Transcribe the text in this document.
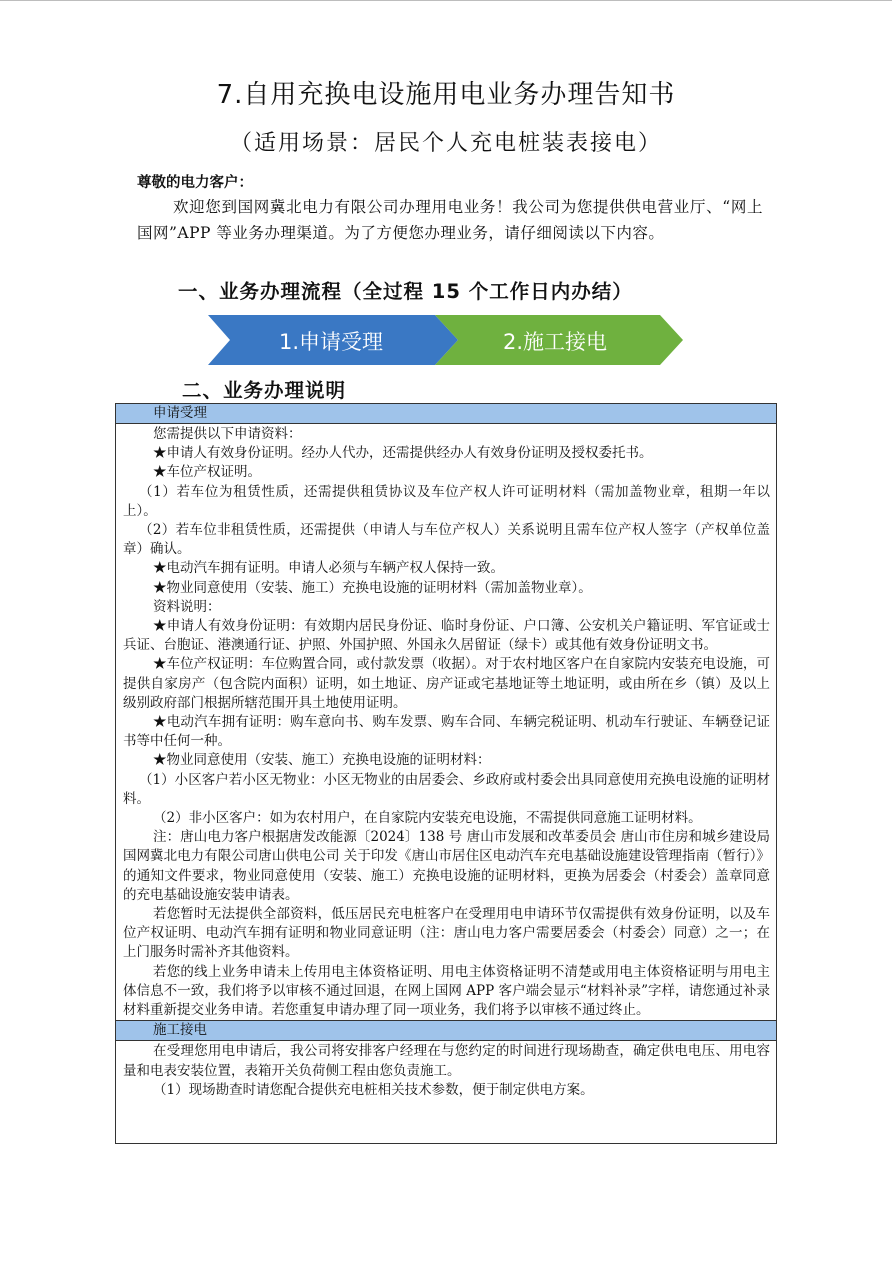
7.自用充换电设施用电业务办理告知书
（适用场景：居民个人充电桩装表接电）
尊敬的电力客户：
欢迎您到国网冀北电力有限公司办理用电业务！我公司为您提供供电营业厅、“网上国网”APP 等业务办理渠道。为了方便您办理业务，请仔细阅读以下内容。
一、业务办理流程（全过程 15 个工作日内办结）
1.申请受理	2.施工接电
二、业务办理说明
申请受理

您需提供以下申请资料：

★申请人有效身份证明。经办人代办，还需提供经办人有效身份证明及授权委托书。

★车位产权证明。

（1）若车位为租赁性质，还需提供租赁协议及车位产权人许可证明材料（需加盖物业章，租期一年以上）。

（2）若车位非租赁性质，还需提供（申请人与车位产权人）关系说明且需车位产权人签字（产权单位盖章）确认。

★电动汽车拥有证明。申请人必须与车辆产权人保持一致。

★物业同意使用（安装、施工）充换电设施的证明材料（需加盖物业章）。

资料说明：

★申请人有效身份证明：有效期内居民身份证、临时身份证、户口簿、公安机关户籍证明、军官证或士兵证、台胞证、港澳通行证、护照、外国护照、外国永久居留证（绿卡）或其他有效身份证明文书。

★车位产权证明：车位购置合同，或付款发票（收据）。对于农村地区客户在自家院内安装充电设施，可提供自家房产（包含院内面积）证明，如土地证、房产证或宅基地证等土地证明，或由所在乡（镇）及以上级别政府部门根据所辖范围开具土地使用证明。

★电动汽车拥有证明：购车意向书、购车发票、购车合同、车辆完税证明、机动车行驶证、车辆登记证书等中任何一种。

★物业同意使用（安装、施工）充换电设施的证明材料：

（1）小区客户若小区无物业：小区无物业的由居委会、乡政府或村委会出具同意使用充换电设施的证明材料。

（2）非小区客户：如为农村用户，在自家院内安装充电设施，不需提供同意施工证明材料。

注：唐山电力客户根据唐发改能源〔2024〕138 号 唐山市发展和改革委员会 唐山市住房和城乡建设局 国网冀北电力有限公司唐山供电公司 关于印发《唐山市居住区电动汽车充电基础设施建设管理指南（暂行）》的通知文件要求，物业同意使用（安装、施工）充换电设施的证明材料，更换为居委会（村委会）盖章同意的充电基础设施安装申请表。

若您暂时无法提供全部资料，低压居民充电桩客户在受理用电申请环节仅需提供有效身份证明，以及车位产权证明、电动汽车拥有证明和物业同意证明（注：唐山电力客户需要居委会（村委会）同意）之一；在上门服务时需补齐其他资料。

若您的线上业务申请未上传用电主体资格证明、用电主体资格证明不清楚或用电主体资格证明与用电主体信息不一致，我们将予以审核不通过回退，在网上国网 APP 客户端会显示“材料补录”字样，请您通过补录材料重新提交业务申请。若您重复申请办理了同一项业务，我们将予以审核不通过终止。

施工接电

在受理您用电申请后，我公司将安排客户经理在与您约定的时间进行现场勘查，确定供电电压、用电容量和电表安装位置，表箱开关负荷侧工程由您负责施工。

（1）现场勘查时请您配合提供充电桩相关技术参数，便于制定供电方案。
